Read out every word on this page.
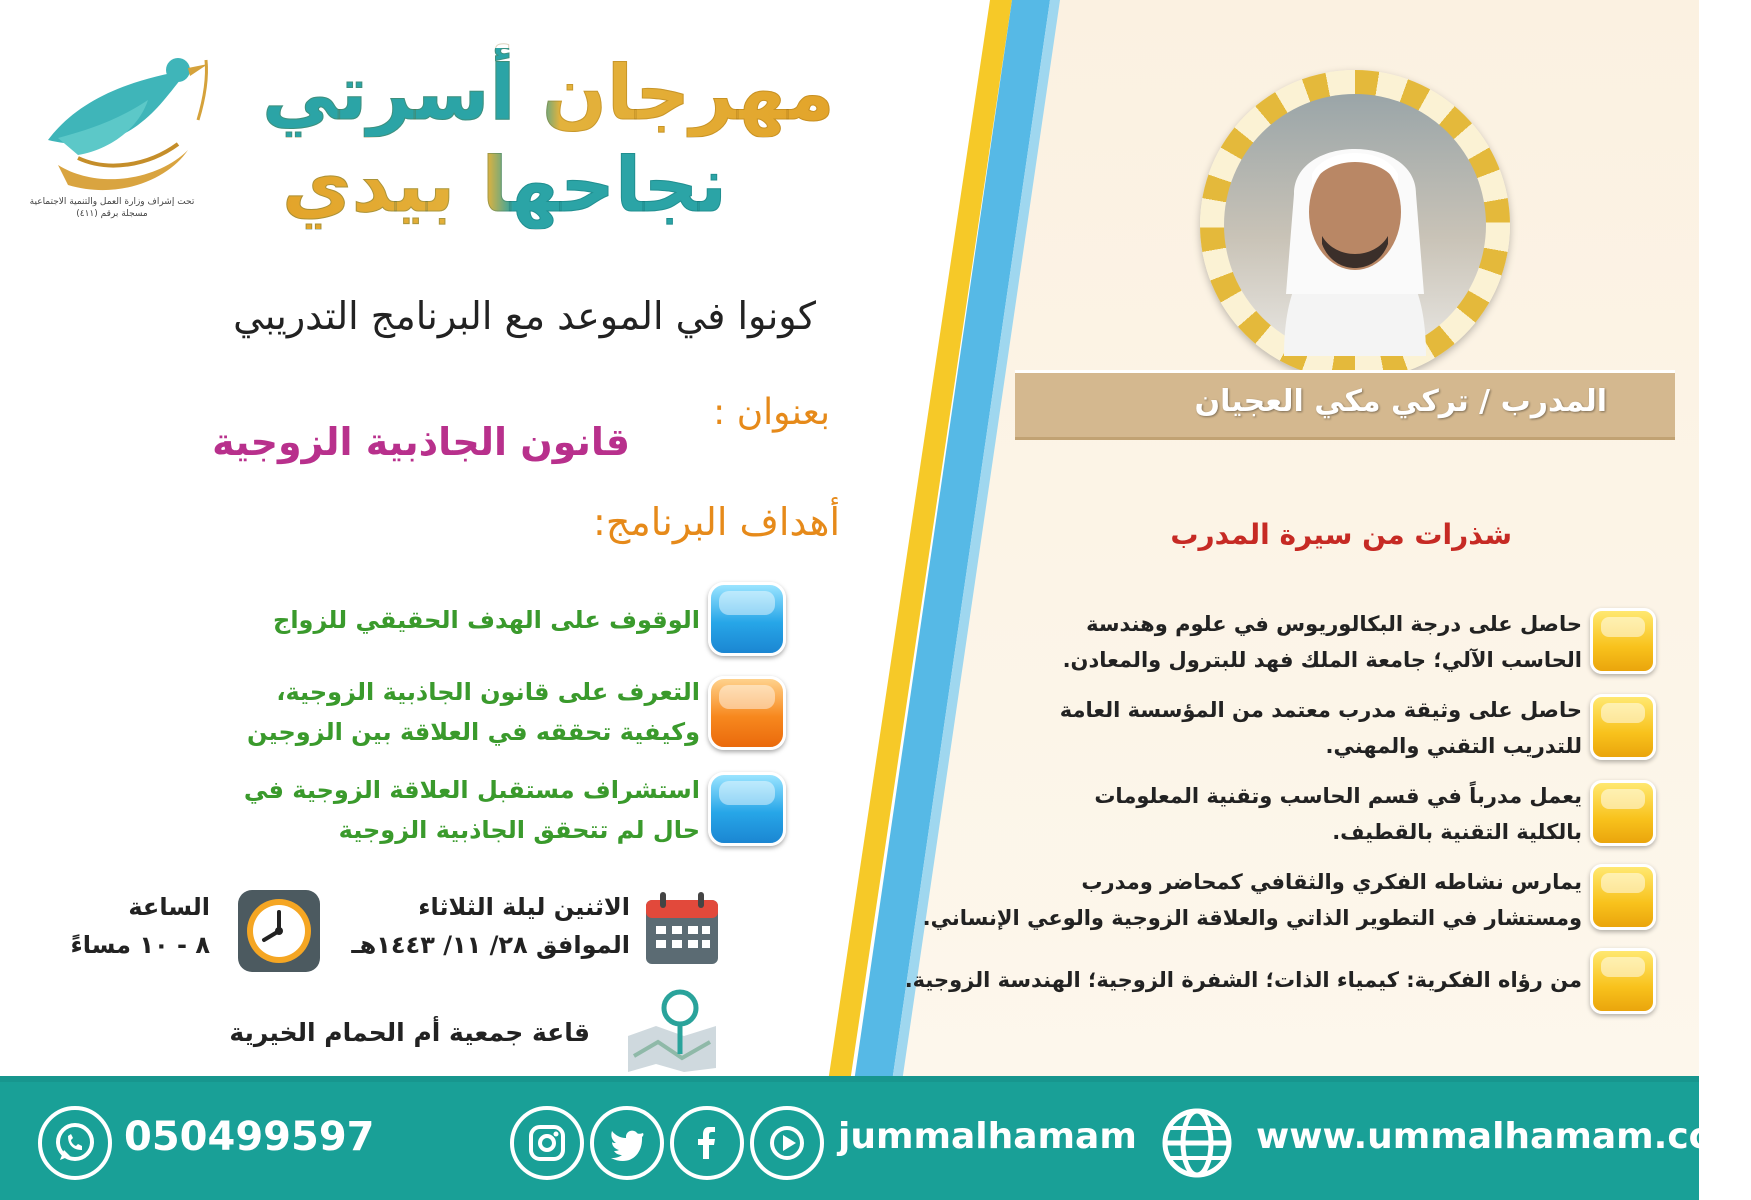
تحت إشراف وزارة العمل والتنمية الاجتماعية
مسجلة برقم (٤١١)
مهرجان أسرتي
نجاحها بيدي
كونوا في الموعد مع البرنامج التدريبي
بعنوان :
قانون الجاذبية الزوجية
أهداف البرنامج:
الوقوف على الهدف الحقيقي للزواج
التعرف على قانون الجاذبية الزوجية،
وكيفية تحققه في العلاقة بين الزوجين
استشراف مستقبل العلاقة الزوجية في
حال لم تتحقق الجاذبية الزوجية
الاثنين ليلة الثلاثاء
الموافق ٢٨/ ١١/ ١٤٤٣هـ
الساعة
٨ - ١٠ مساءً
قاعة جمعية أم الحمام الخيرية
المدرب / تركي مكي العجيان
شذرات من سيرة المدرب
حاصل على درجة البكالوريوس في علوم وهندسة
الحاسب الآلي؛ جامعة الملك فهد للبترول والمعادن.
حاصل على وثيقة مدرب معتمد من المؤسسة العامة
للتدريب التقني والمهني.
يعمل مدرباً في قسم الحاسب وتقنية المعلومات
بالكلية التقنية بالقطيف.
يمارس نشاطه الفكري والثقافي كمحاضر ومدرب
ومستشار في التطوير الذاتي والعلاقة الزوجية والوعي الإنساني.
من رؤاه الفكرية: كيمياء الذات؛ الشفرة الزوجية؛ الهندسة الزوجية.
050499597	jummalhamam	www.ummalhamam.com
